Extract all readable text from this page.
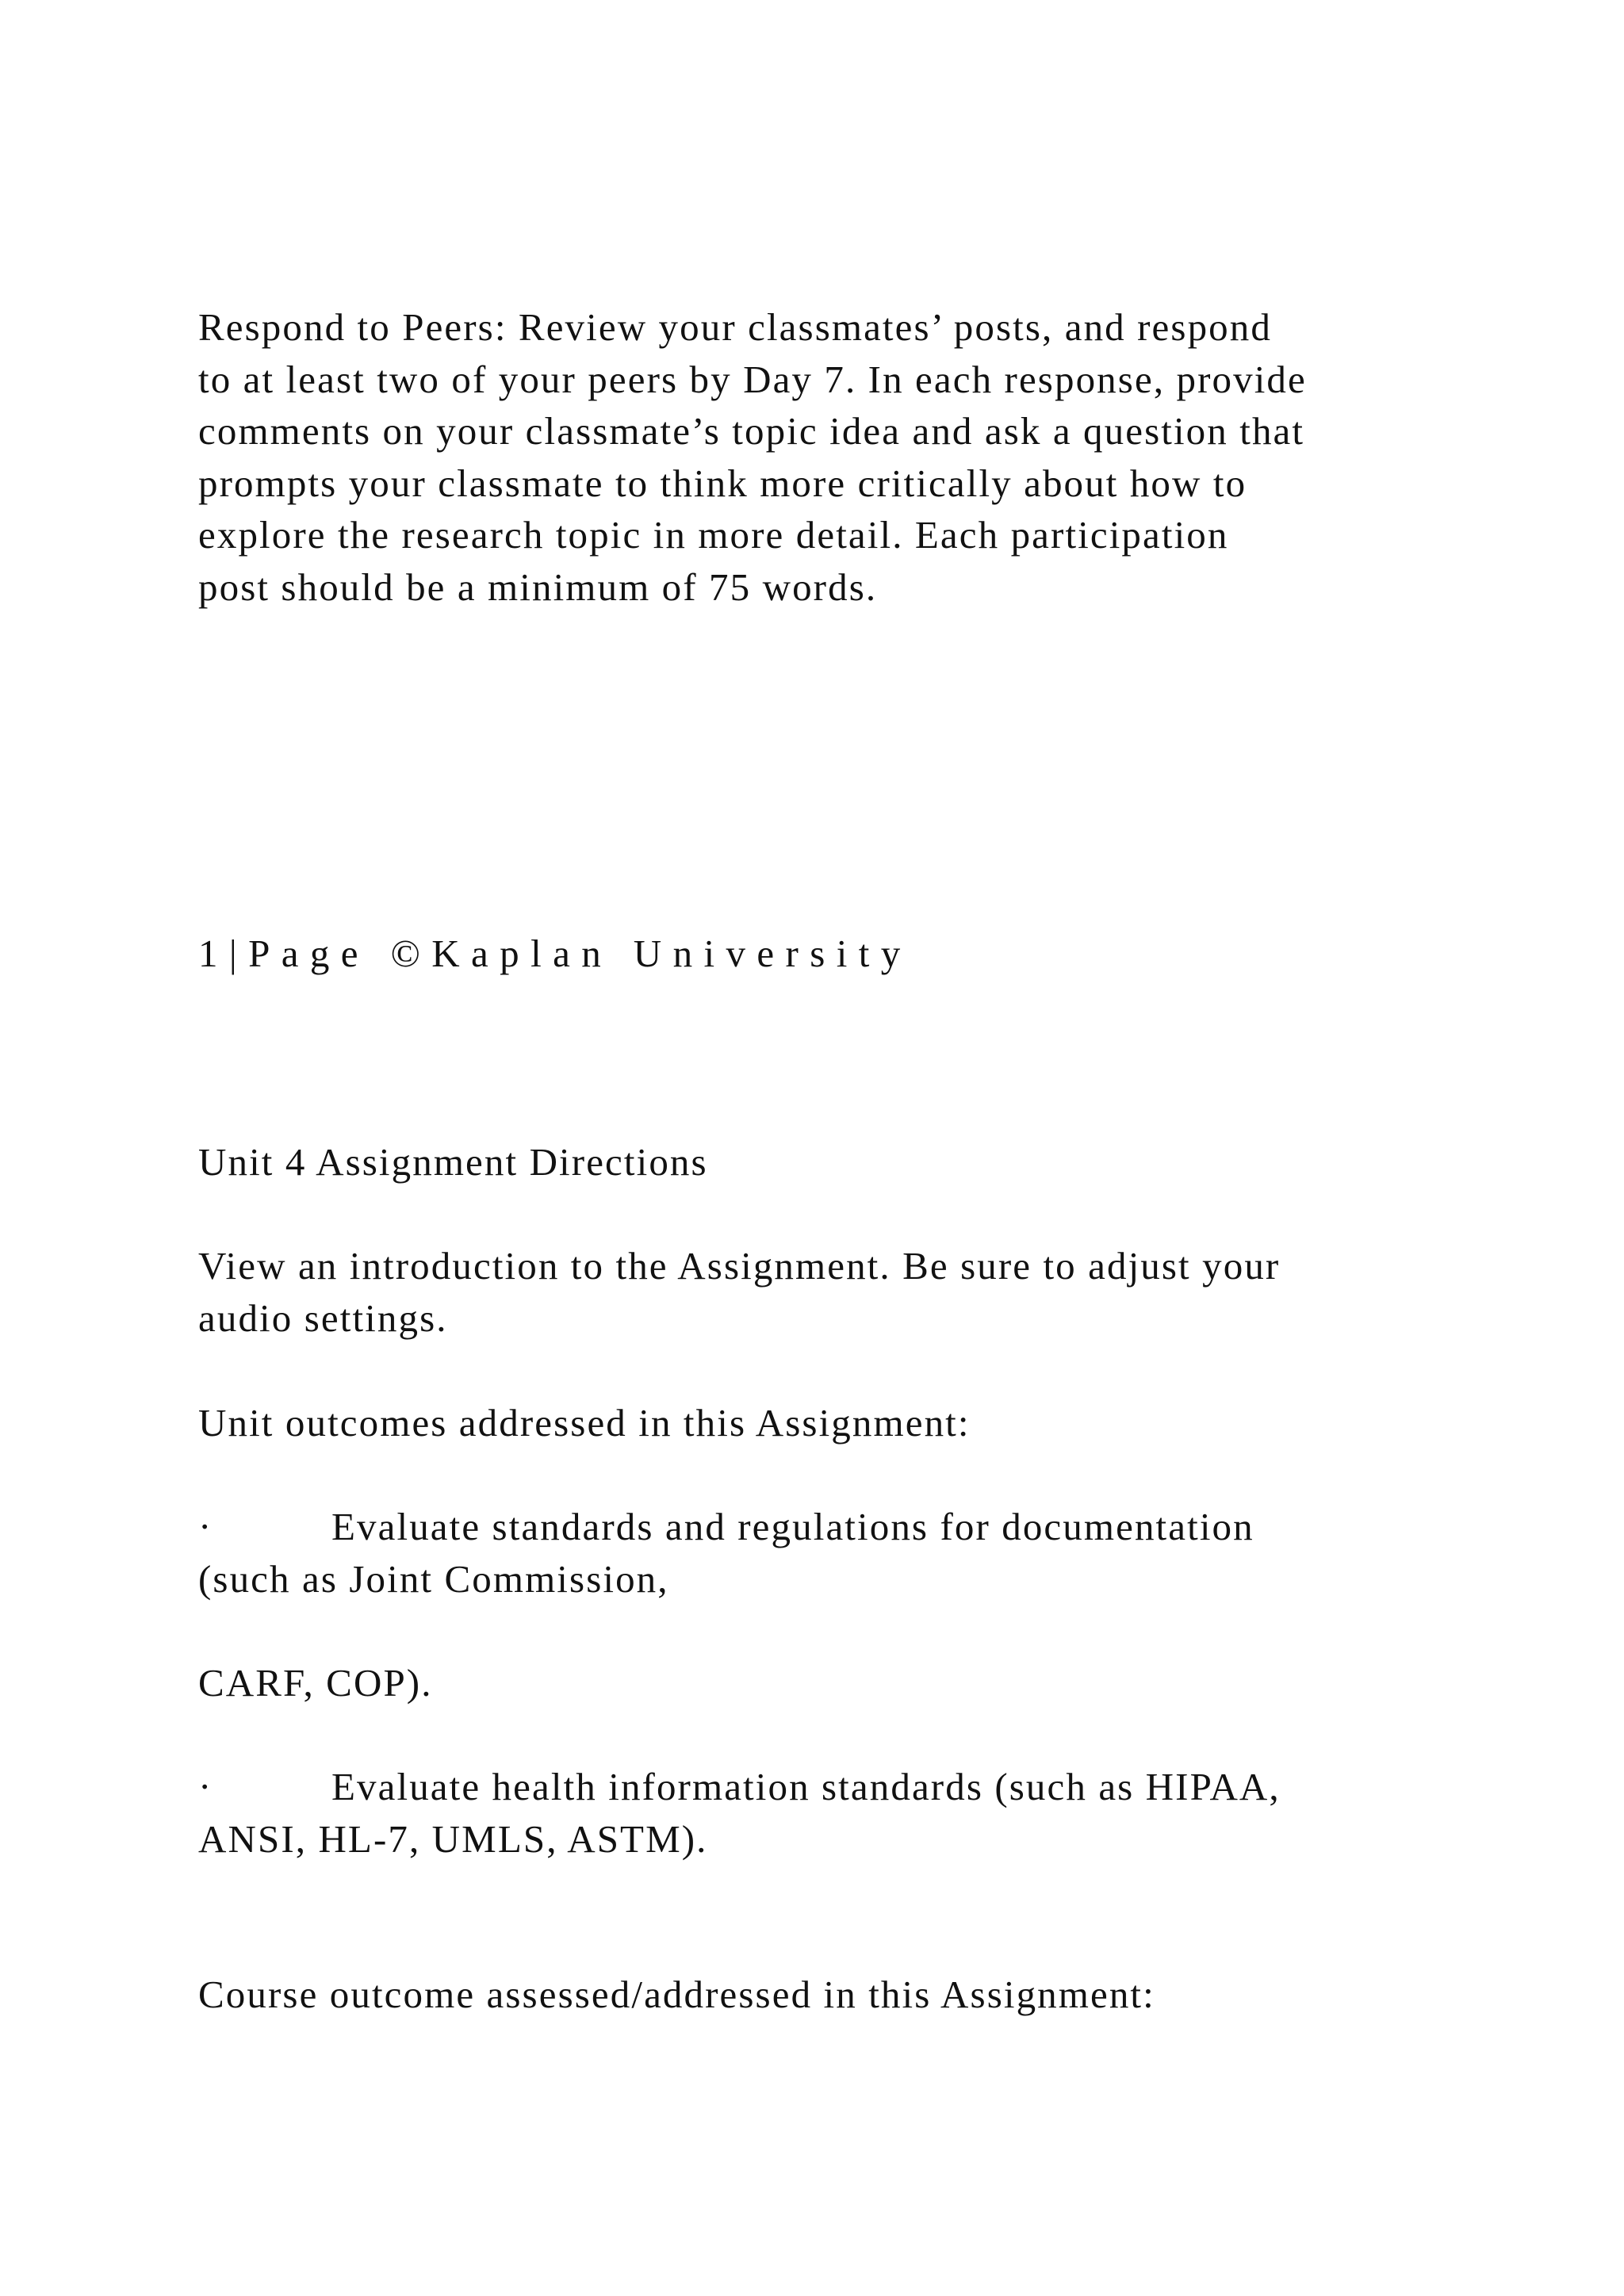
Respond to Peers: Review your classmates’ posts, and respond
to at least two of your peers by Day 7. In each response, provide
comments on your classmate’s topic idea and ask a question that
prompts your classmate to think more critically about how to
explore the research topic in more detail. Each participation
post should be a minimum of 75 words.

1|Page ©Kaplan University

Unit 4 Assignment Directions

View an introduction to the Assignment. Be sure to adjust your
audio settings.

Unit outcomes addressed in this Assignment:

·	Evaluate standards and regulations for documentation
(such as Joint Commission,

CARF, COP).

·	Evaluate health information standards (such as HIPAA,
ANSI, HL-7, UMLS, ASTM).

Course outcome assessed/addressed in this Assignment:
